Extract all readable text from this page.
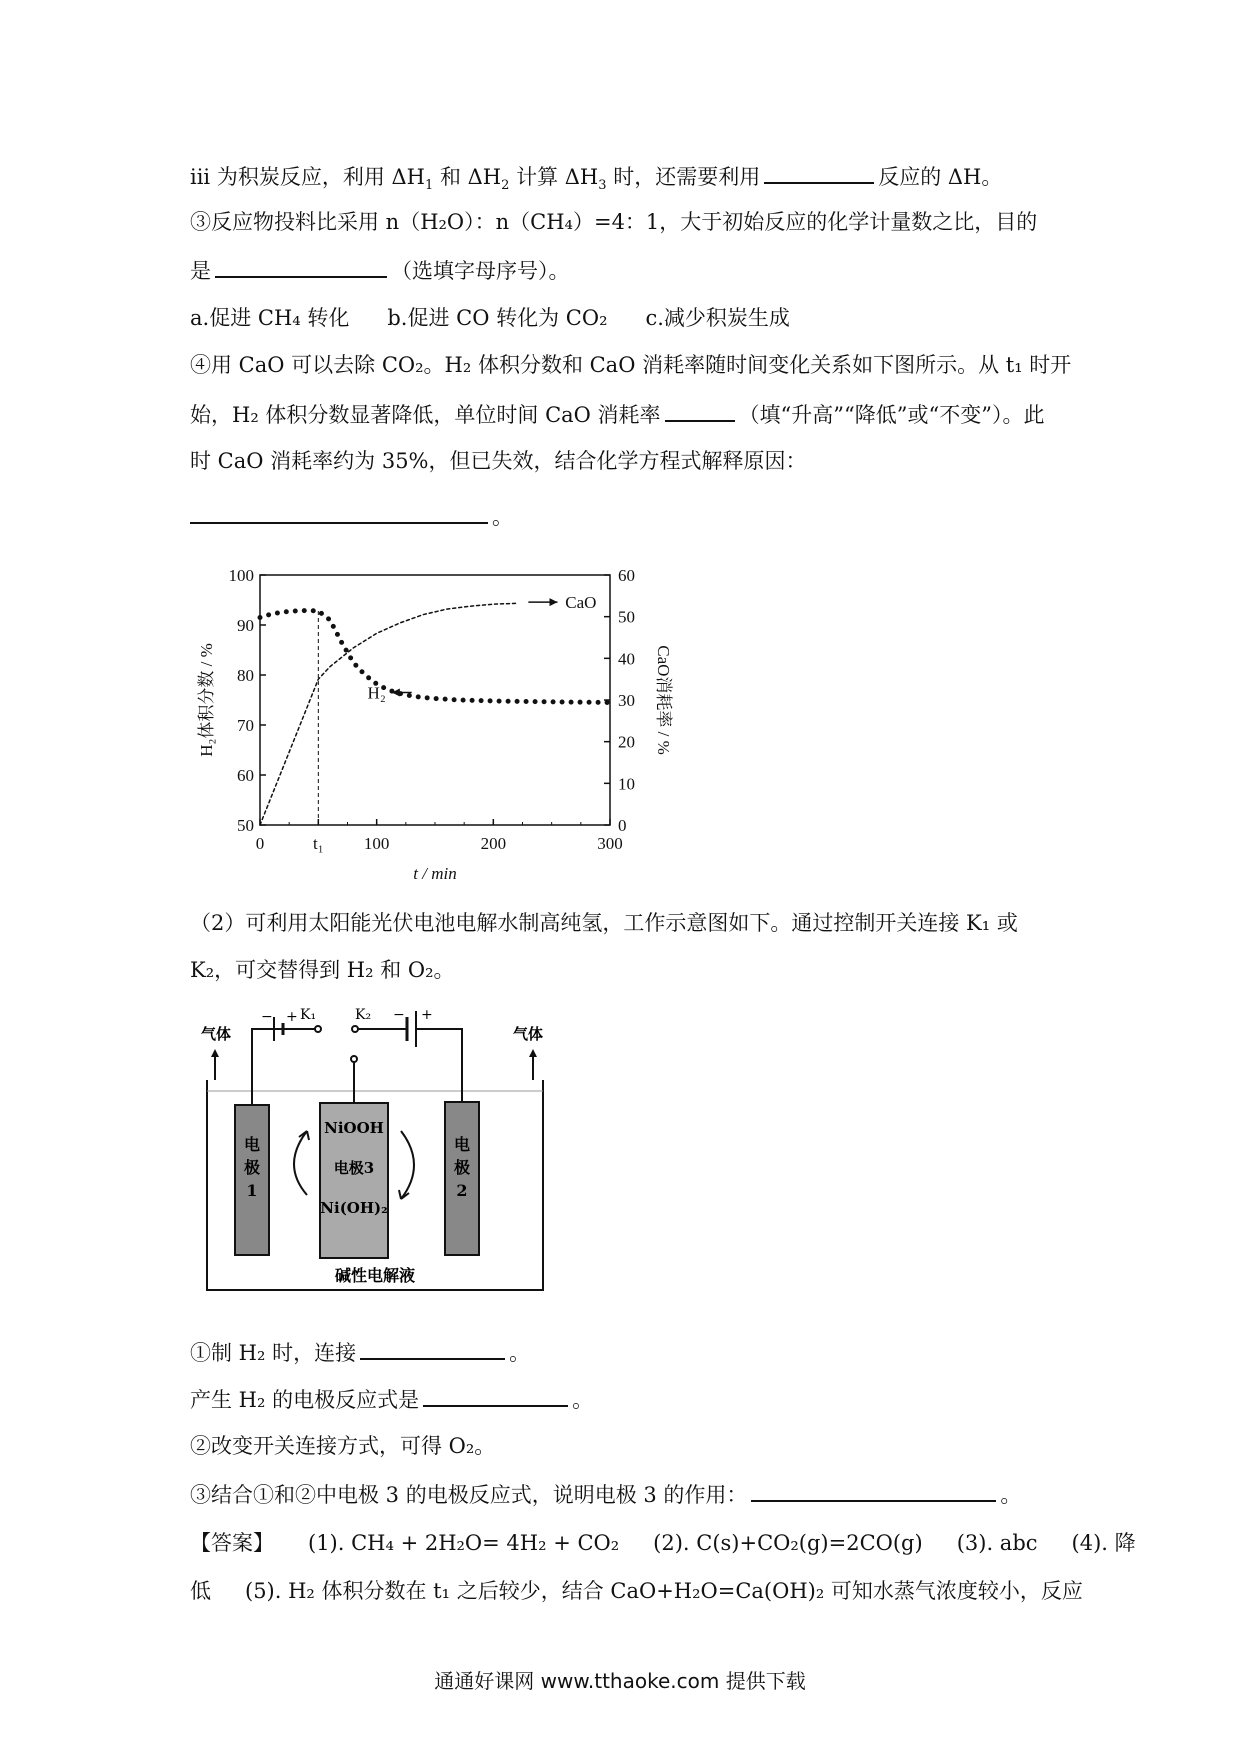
iii 为积炭反应，利用 $\Delta H_1$ 和 $\Delta H_2$ 计算 $\Delta H_3$ 时，还需要利用	反应的 ΔH。
③反应物投料比采用 n（H₂O）：n（CH₄）=4：1，大于初始反应的化学计量数之比，目的
是	（选填字母序号）。
a.促进 CH₄ 转化 b.促进 CO 转化为 CO₂ c.减少积炭生成
④用 CaO 可以去除 CO₂。H₂ 体积分数和 CaO 消耗率随时间变化关系如下图所示。从 t₁ 时开
始，H₂ 体积分数显著降低，单位时间 CaO 消耗率	（填“升高”“降低”或“不变”）。此
时 CaO 消耗率约为 35%，但已失效，结合化学方程式解释原因：
。
50
60
70
80
90
100
0
10
20
30
40
50
60
0	t₁ 100	200	300
t / min
H₂体积分数 / %	CaO消耗率 / %
CaO
H₂
（2）可利用太阳能光伏电池电解水制高纯氢，工作示意图如下。通过控制开关连接 K₁ 或
K₂，可交替得到 H₂ 和 O₂。
电
极
1
电
极
2
NiOOH
电极3
Ni(OH)₂
− + K₁	K₂ − +
气体	气体
碱性电解液
①制 H₂ 时，连接	。
产生 H₂ 的电极反应式是	。
②改变开关连接方式，可得 O₂。
③结合①和②中电极 3 的电极反应式，说明电极 3 的作用：	。
【答案】 (1). CH₄ + 2H₂O= 4H₂ + CO₂ (2). C(s)+CO₂(g)=2CO(g) (3). abc (4). 降
低 (5). H₂ 体积分数在 t₁ 之后较少，结合 CaO+H₂O=Ca(OH)₂ 可知水蒸气浓度较小，反应
通通好课网 www.tthaoke.com 提供下载
